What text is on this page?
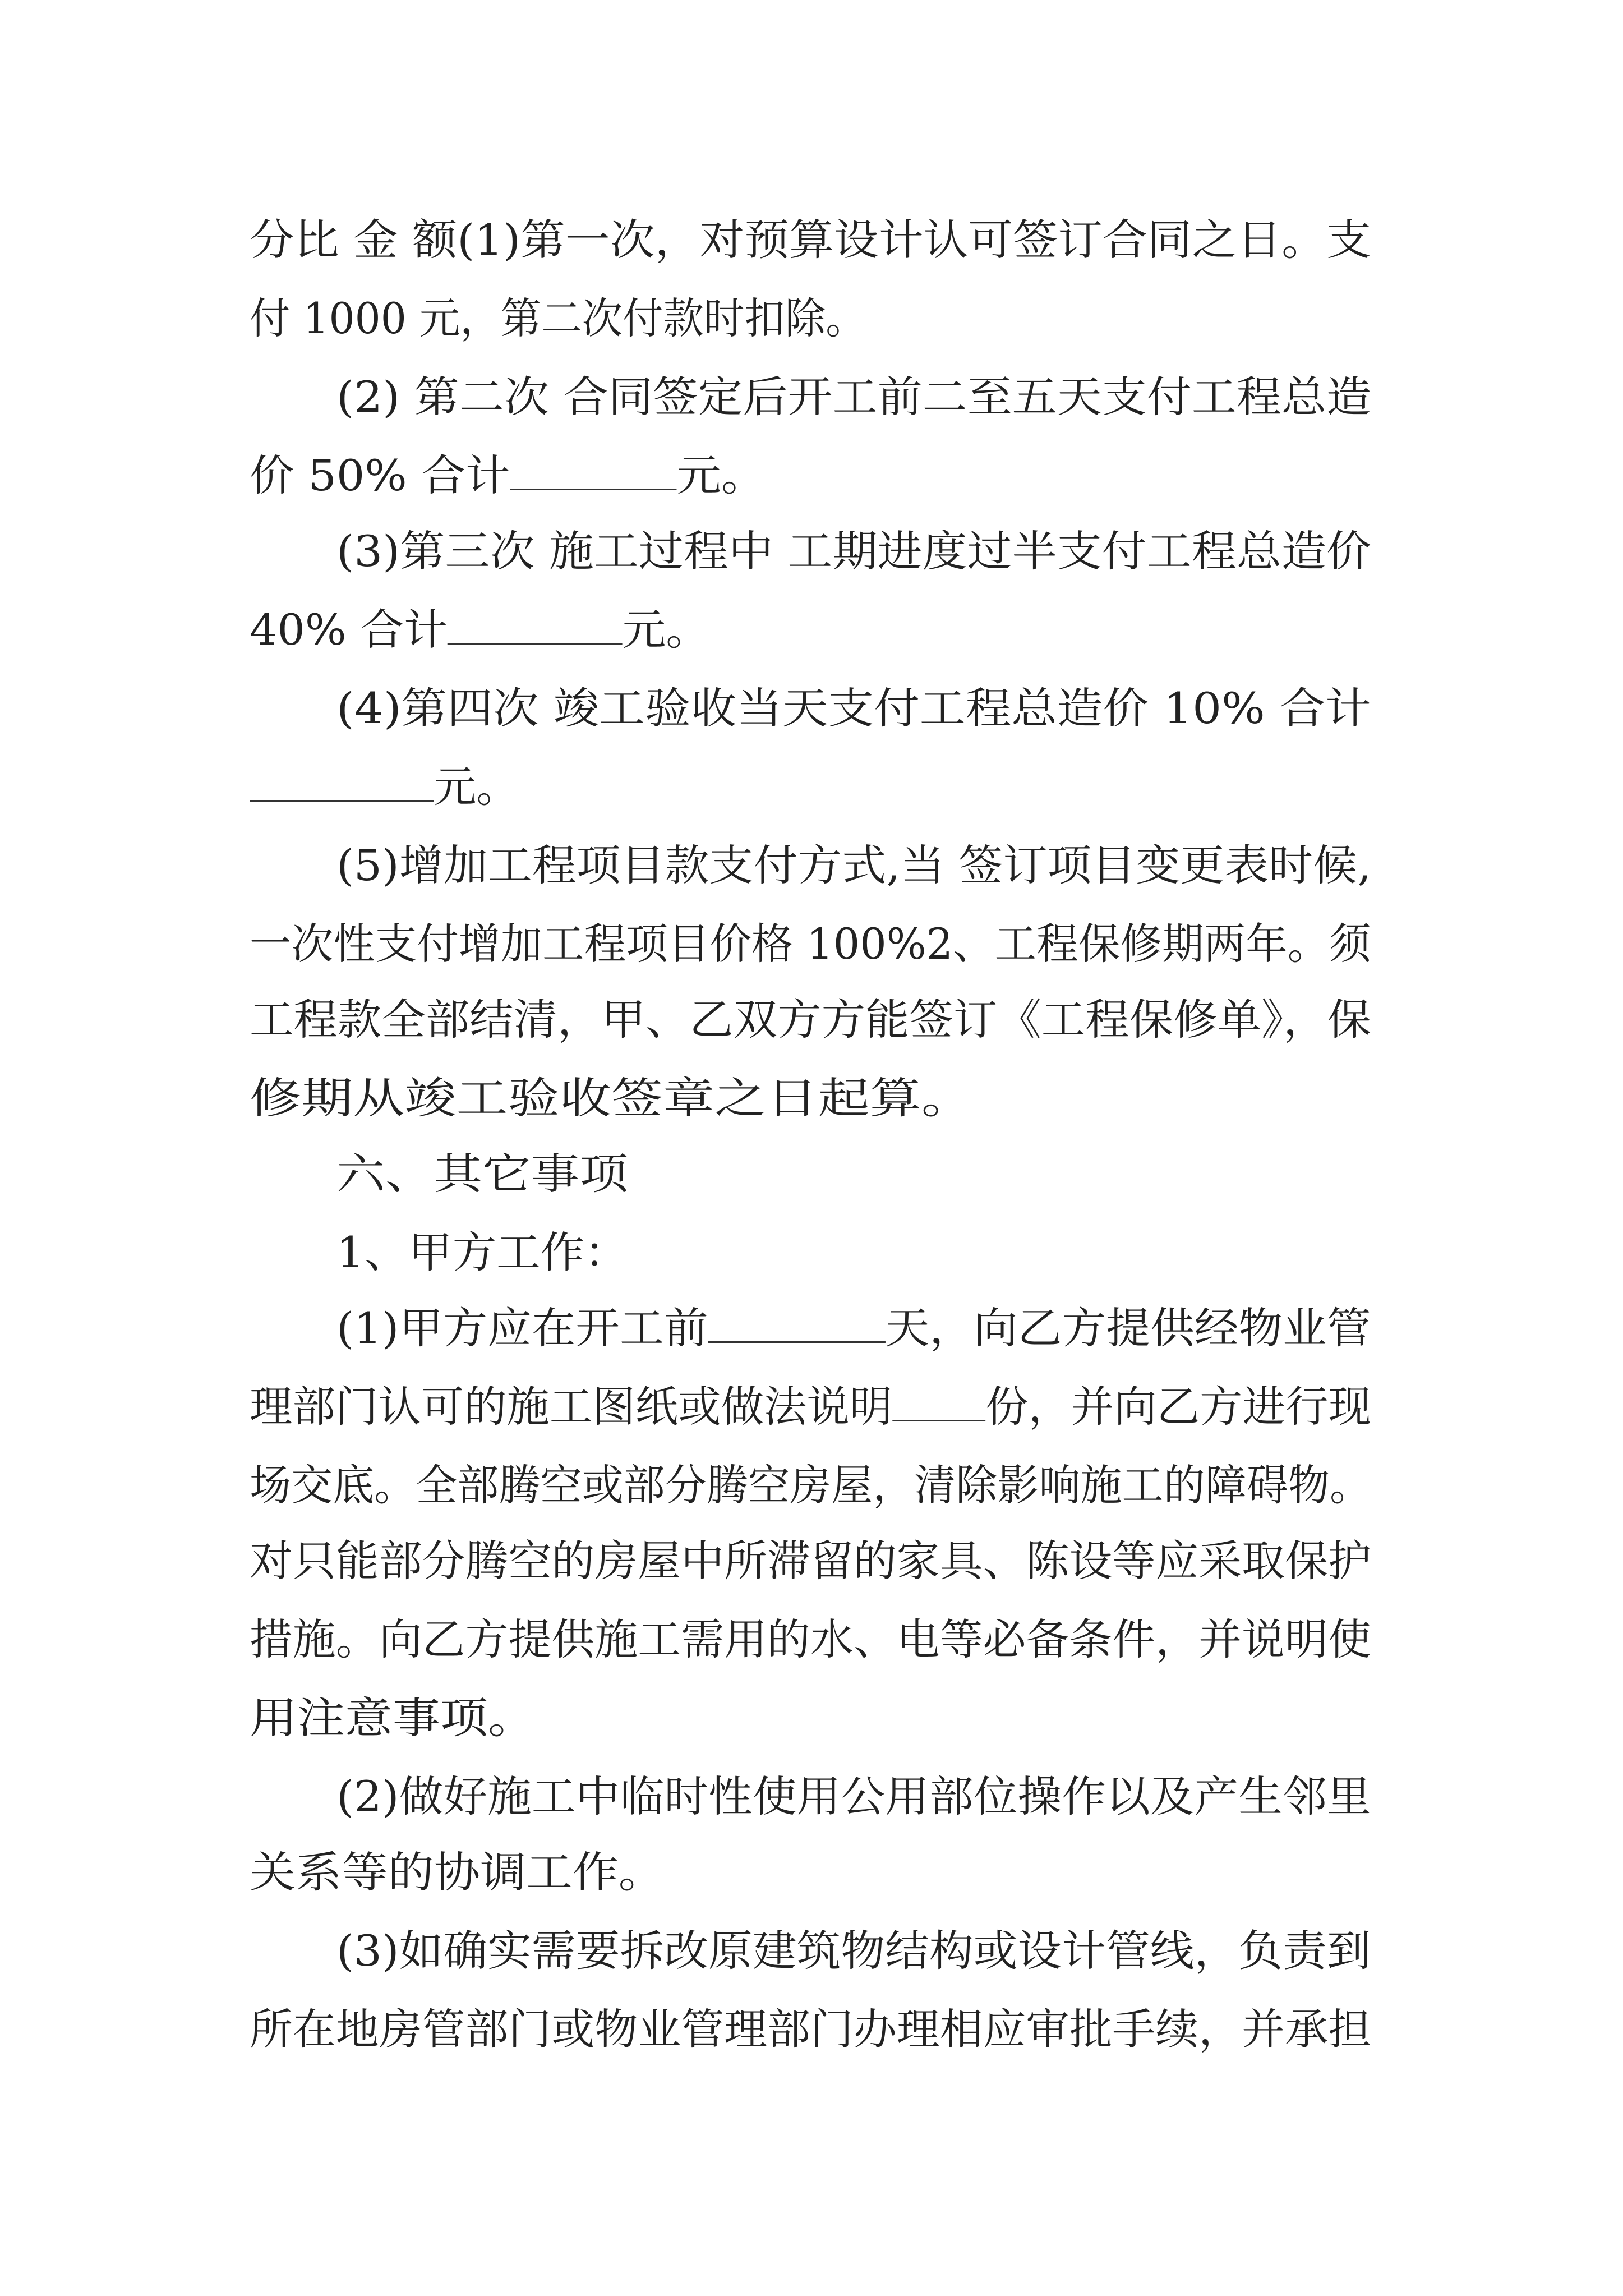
分比 金 额(1)第一次，对预算设计认可签订合同之日。支
付 1000 元，第二次付款时扣除。
(2) 第二次 合同签定后开工前二至五天支付工程总造
价 50% 合计	元。
(3)第三次 施工过程中 工期进度过半支付工程总造价
40% 合计	元。
(4)第四次 竣工验收当天支付工程总造价 10% 合计
元。
(5)增加工程项目款支付方式,当 签订项目变更表时候,
一次性支付增加工程项目价格 100%2、工程保修期两年。须
工程款全部结清，甲、乙双方方能签订《工程保修单》，保
修期从竣工验收签章之日起算。
六、其它事项
1、甲方工作：
(1)甲方应在开工前	天，向乙方提供经物业管
理部门认可的施工图纸或做法说明 份，并向乙方进行现
场交底。全部腾空或部分腾空房屋，清除影响施工的障碍物。
对只能部分腾空的房屋中所滞留的家具、陈设等应采取保护
措施。向乙方提供施工需用的水、电等必备条件，并说明使
用注意事项。
(2)做好施工中临时性使用公用部位操作以及产生邻里
关系等的协调工作。
(3)如确实需要拆改原建筑物结构或设计管线，负责到
所在地房管部门或物业管理部门办理相应审批手续，并承担
